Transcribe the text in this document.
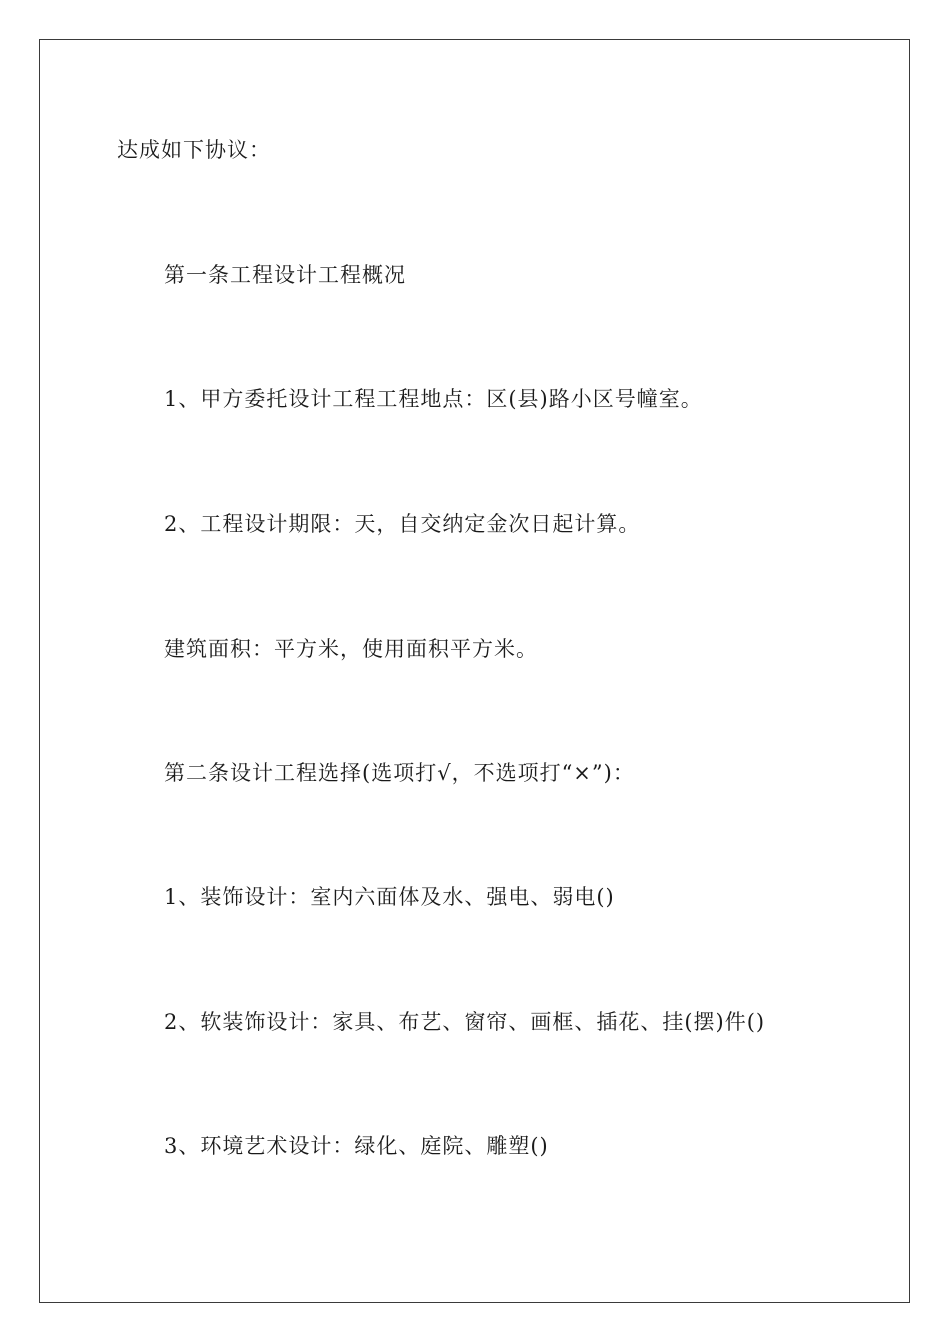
达成如下协议：
第一条工程设计工程概况
1、甲方委托设计工程工程地点：区(县)路小区号幢室。
2、工程设计期限：天，自交纳定金次日起计算。
建筑面积：平方米，使用面积平方米。
第二条设计工程选择(选项打√，不选项打“×”)：
1、装饰设计：室内六面体及水、强电、弱电()
2、软装饰设计：家具、布艺、窗帘、画框、插花、挂(摆)件()
3、环境艺术设计：绿化、庭院、雕塑()
